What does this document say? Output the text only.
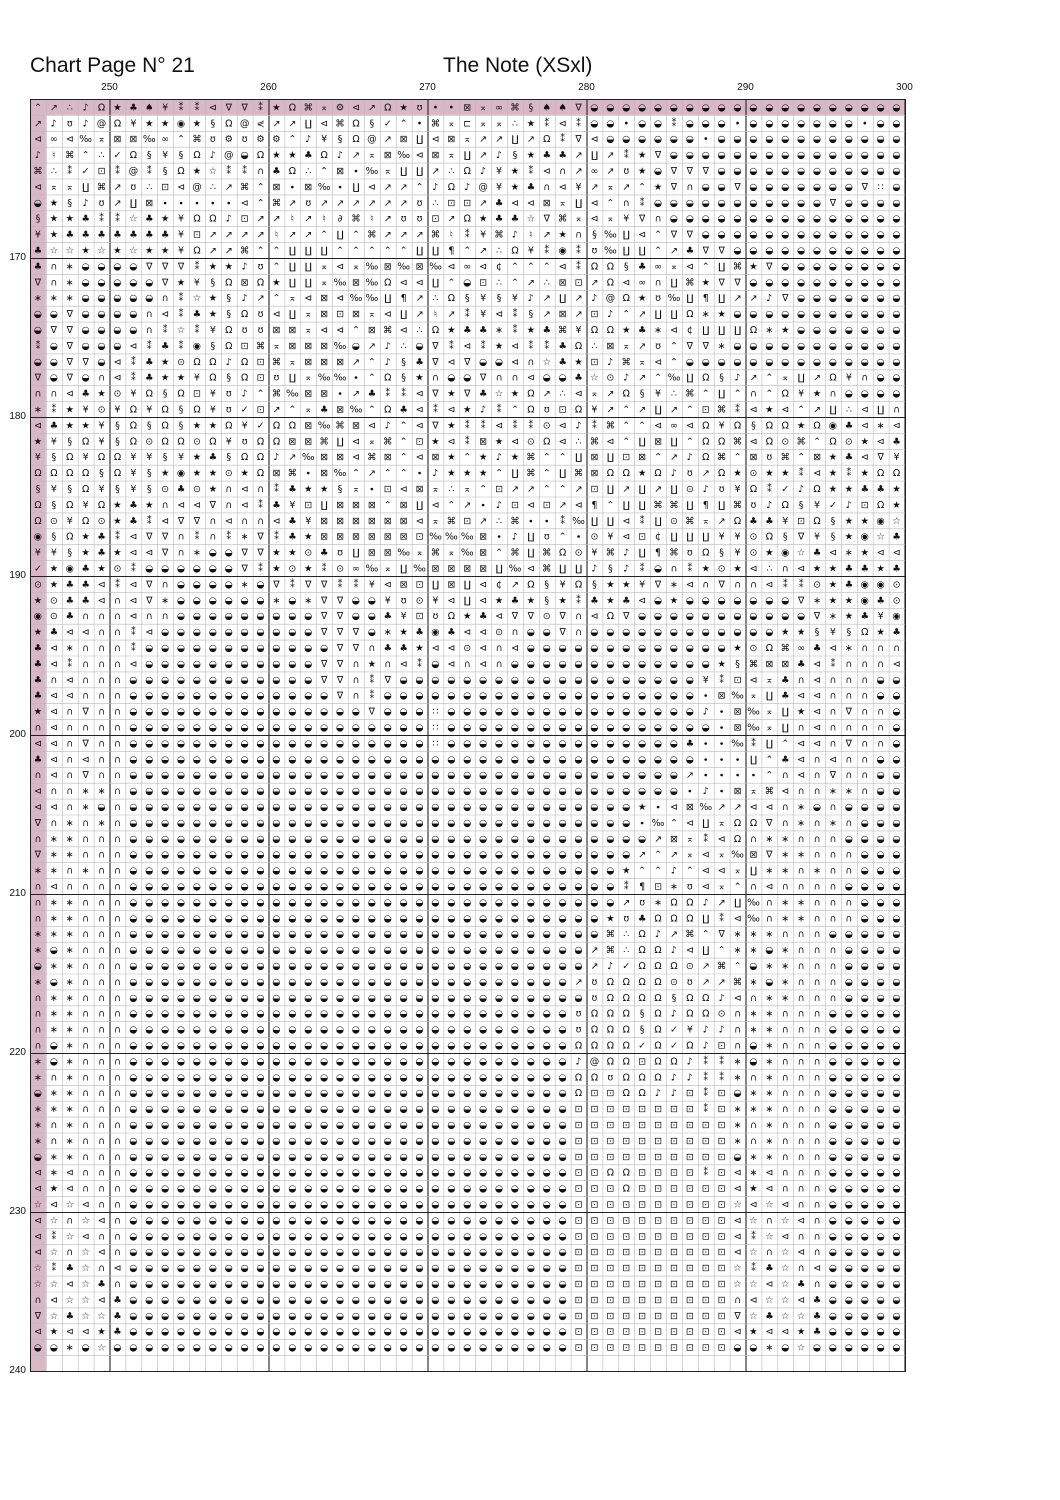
Chart Page N° 21	The Note (XSxl)
250	260	270	280	290	300
170
180
190
200
210
220
230
240
⌃ ↗ ∴ ♪ Ω ★ ♣ ♠ ¥ ⁑ ⁑ ⊲ ∇ ∇ ⁑ ★ Ω ⌘ ⌅ ⚙ ⊲ ↗ Ω ★ ʊ • • ⊠ ⌅ ∞ ⌘ § ♠ ♠ ∇ ◒ ◒ ◒ ◒ ◒ ◒ ◒ ◒ ◒ ◒ ◒ ◒ ◒ ◒ ◒ ◒ ◒ ◒ ◒ ◒
↗ ♪ ʊ ♪ @ Ω ¥ ★ ★ ◉ ★ § Ω @ ⋞ ↗ ↗ ∐ ⊲ ⌘ Ω § ✓ ⌃ • ⌘ ⌅ ⊏ ⌅ ⌅ ∴ ★ ⁑ ⊲ ⁑ ◒ ◒ • ◒ ◒ ⁑ ◒ ◒ ◒ • ◒ ◒ ◒ ◒ ◒ ◒ ◒ • ◒ ◒
⊲ ∞ ⊲ ‰ ⌅ ⊠ ⊠ ‰ ∞ ⌃ ⌘ ʊ ⚙ ʊ ⚙ ⚙ ⌃ ♪ ¥ § Ω @ ↗ ⊠ ∐ ⊲ ⊠ ⌅ ↗ ↗ ∐ ↗ Ω ⁑ ∇ ⊲ ◒ ◒ ◒ ◒ ◒ ◒ • ◒ ◒ ◒ ◒ ◒ ◒ ◒ ◒ ◒ ◒ ◒ ◒
♪ ♮ ⌘ ⌃ ∴ ✓ Ω § ¥ § Ω ♪ @ ◒ Ω ★ ★ ♣ Ω ♪ ↗ ⌅ ⊠ ‰ ⊲ ⊠ ⌅ ∐ ↗ ♪ § ★ ♣ ♣ ↗ ∐ ↗ ⁑ ★ ∇ ◒ ◒ ◒ ◒ ◒ ◒ ◒ ◒ ◒ ◒ ◒ ◒ ◒ ◒ ◒
⌘ ∴ ⁑ ✓ ⊡ ⁑ @ ⁑ § Ω ★ ☆ ⁑ ⁑ ∩ ♣ Ω ∴ ⌃ ⊠ ∙ ‰ ⌅ ∐ ∐ ↗ ∴ Ω ♪ ¥ ★ ⁑ ⊲ ∩ ↗ ∞ ↗ ʊ ★ ◒ ∇ ∇ ∇ ◒ ◒ ◒ ◒ ◒ ◒ ◒ ◒ ◒ ◒ ◒ ◒
⊲ ⌅ ⌅ ∐ ⌘ ↗ ʊ ∴ ⊡ ⊲ @ ∴ ↗ ⌘ ⌃ ⊠ ∙ ⊠ ‰ ∙ ∐ ⊲ ↗ ↗ ⌃ ♪ Ω ♪ @ ¥ ★ ♣ ∩ ⊲ ¥ ↗ ⌅ ↗ ⌃ ★ ∇ ∩ ◒ ◒ ∇ ◒ ◒ ◒ ◒ ◒ ◒ ◒ ∇ ∷ ◒
◒ ★ § ♪ ʊ ↗ ∐ ⊠ ∙ ∙ ∙ ∙ ∙ ⊲ ⌃ ⌘ ↗ ʊ ↗ ↗ ↗ ↗ ↗ ↗ ʊ ∴ ⊡ ⊡ ↗ ♣ ⊲ ⊲ ⊠ ⌅ ∐ ⊲ ⌃ ∩ ⁑ ◒ ◒ ◒ ◒ ◒ ◒ ◒ ◒ ◒ ◒ ◒ ∇ ◒ ◒ ◒ ◒
§ ★ ★ ♣ ⁑ ⁑ ☆ ♣ ★ ¥ Ω Ω ♪ ⊡ ↗ ↗ ♮ ↗ ♮ ∂ ⌘ ♮ ↗ ʊ ʊ ⊡ ↗ Ω ★ ♣ ♣ ☆ ∇ ⌘ ⌅ ⊲ ⌅ ¥ ∇ ∩ ◒ ◒ ◒ ◒ ◒ ◒ ◒ ◒ ◒ ◒ ◒ ◒ ◒ ◒ ◒
¥ ★ ♣ ♣ ♣ ♣ ♣ ♣ ♣ ¥ ⊡ ↗ ↗ ↗ ↗ ♮ ↗ ↗ ⌃ ∐ ⌃ ⌘ ↗ ↗ ↗ ⌘ ♮ ⁑ ¥ ⌘ ♪ ♮ ↗ ★ ∩ § ‰ ∐ ⊲ ⌃ ∇ ∇ ◒ ◒ ◒ ◒ ◒ ◒ ◒ ◒ ◒ ◒ ◒ ◒ ◒
♣ ☆ ☆ ★ ☆ ★ ☆ ★ ★ ¥ Ω ↗ ↗ ⌘ ⌃ ⌃ ∐ ∐ ∐ ⌃ ⌃ ⌃ ⌃ ⌃ ∐ ∐ ¶ ⌃ ↗ ∴ Ω ¥ ⁑ ◉ ⁑ ʊ ‰ ∐ ∐ ⌃ ↗ ♣ ∇ ∇ ◒ ◒ ◒ ◒ ◒ ◒ ◒ ◒ ◒ ◒ ◒
♣ ∩ ∗ ◒ ◒ ◒ ◒ ∇ ∇ ∇ ⁑ ★ ★ ♪ ʊ ⌃ ∐ ∐ ⌅ ⊲ ⌅ ‰ ⊠ ‰ ⊠ ‰ ⊲ ∞ ⊲ ¢ ⌃ ⌃ ⌃ ⊲ ⁑ Ω Ω § ♣ ∞ ⌅ ⊲ ⌃ ∐ ⌘ ★ ∇ ◒ ◒ ◒ ◒ ◒ ◒ ◒ ◒
∇ ∩ ∗ ◒ ◒ ◒ ◒ ◒ ∇ ★ ¥ § Ω ⊠ Ω ★ ∐ ∐ ⌅ ‰ ⊠ ‰ Ω ⊲ ⊲ ∐ ⌃ ◒ ⊡ ∴ ⌃ ↗ ∴ ⊠ ⊡ ↗ Ω ⊲ ∞ ∩ ∐ ⌘ ★ ∇ ∇ ◒ ◒ ◒ ◒ ◒ ◒ ◒ ◒ ◒ ◒
∗ ∗ ∗ ◒ ◒ ◒ ◒ ◒ ∩ ⁑ ☆ ★ § ♪ ↗ ⌃ ⌅ ⊲ ⊠ ⊲ ‰ ‰ ∐ ¶ ↗ ∴ Ω § ¥ § ¥ ♪ ↗ ∐ ↗ ♪ @ Ω ★ ʊ ‰ ∐ ¶ ∐ ↗ ↗ ♪ ∇ ◒ ◒ ◒ ◒ ◒ ◒ ◒
◒ ◒ ∇ ◒ ◒ ◒ ◒ ∩ ⊲ ⁑ ♣ ★ § Ω ʊ ⊲ ∐ ⌅ ⊠ ⊡ ⊠ ⌅ ⊲ ∐ ↗ ♮ ↗ ⁑ ¥ ⊲ ⁑ § ↗ ⊠ ↗ ⊡ ♪ ⌃ ↗ ∐ ∐ Ω ∗ ★ ◒ ◒ ◒ ◒ ◒ ◒ ◒ ◒ ◒ ◒ ◒
◒ ∇ ∇ ◒ ◒ ◒ ◒ ∩ ⁑ ☆ ⁑ ¥ Ω ʊ ʊ ⊠ ⊠ ⌅ ⊲ ⊲ ⌃ ⊠ ⌘ ⊲ ∴ Ω ★ ♣ ♣ ∗ ⁑ ★ ♣ ⌘ ¥ Ω Ω ★ ♣ ∗ ⊲ ¢ ∐ ∐ ∐ Ω ∗ ★ ◒ ◒ ◒ ◒ ◒ ◒ ◒
⁑ ◒ ∇ ◒ ◒ ◒ ⊲ ⁑ ♣ ⁑ ◉ § Ω ⊡ ⌘ ⌅ ⊠ ⊠ ⊠ ‰ ◒ ↗ ♪ ∴ ◒ ∇ ⁑ ⊲ ⁑ ★ ⊲ ⁑ ⁑ ♣ Ω ∴ ⊠ ⌅ ↗ ʊ ⌃ ∇ ∇ ∗ ◒ ◒ ◒ ◒ ◒ ◒ ◒ ◒ ◒ ◒ ◒
◒ ◒ ∇ ∇ ◒ ⊲ ⁑ ♣ ★ ⊙ Ω Ω ♪ Ω ⊡ ⌘ ⌅ ⊠ ⊠ ⊠ ↗ ⌃ ♪ § ♣ ∇ ⊲ ∇ ◒ ◒ ⊲ ∩ ☆ ♣ ★ ⊡ ♪ ⌘ ⌅ ⊲ ⌃ ◒ ◒ ◒ ◒ ◒ ◒ ◒ ◒ ◒ ◒ ◒ ◒ ◒ ◒
∇ ◒ ∇ ◒ ∩ ⊲ ⁑ ♣ ★ ★ ¥ Ω § Ω ⊡ ʊ ∐ ⌅ ‰ ‰ ∙ ⌃ Ω § ★ ∩ ◒ ◒ ∇ ∩ ∩ ⊲ ◒ ◒ ♣ ☆ ⊙ ♪ ↗ ⌃ ‰ ∐ Ω § ♪ ↗ ⌃ ⌅ ∐ ↗ Ω ¥ ∩ ◒ ◒
∩ ∩ ⊲ ♣ ★ ⊙ ¥ Ω § Ω ⊡ ¥ ʊ ♪ ⌃ ⌘ ‰ ⊠ ⊠ ∙ ↗ ♣ ⁑ ⁑ ⊲ ∇ ★ ∇ ♣ ☆ ★ Ω ↗ ∴ ⊲ ⌅ ↗ Ω § ¥ ∴ ⌘ ⌃ ∐ ⌃ ∩ ⌃ Ω ¥ ★ ∩ ◒ ◒ ◒ ◒
∗ ⁑ ★ ¥ ⊙ ¥ Ω ¥ Ω § Ω ¥ ʊ ✓ ⊡ ↗ ⌃ ⌅ ♣ ⊠ ‰ ⌃ Ω ♣ ⊲ ⁑ ⊲ ★ ♪ ⁑ ⌃ Ω ʊ ⊡ Ω ¥ ↗ ⌃ ↗ ∐ ↗ ⌃ ⊡ ⌘ ⁑ ⊲ ★ ⊲ ⌃ ↗ ∐ ∴ ⊲ ∐ ∩
⊲ ♣ ★ ★ ¥ § Ω § Ω § ★ ★ Ω ¥ ✓ Ω Ω ⊠ ‰ ⌘ ⊠ ⊲ ♪ ⌃ ⊲ ∇ ★ ⁑ ⁑ ⊲ ⁑ ⁑ ⊙ ⊲ ♪ ⁑ ⌘ ⌃ ⌃ ⊲ ∞ ⊲ Ω ¥ Ω § Ω Ω ★ Ω ◉ ♣ ⊲ ∗ ⊲
★ ¥ § Ω ¥ § Ω ⊙ Ω Ω ⊙ Ω ¥ ʊ Ω Ω ⊠ ⊠ ⌘ ∐ ⊲ ⌅ ⌘ ⌃ ⊡ ★ ⊲ ⁑ ⊠ ★ ⊲ ⊙ Ω ⊲ ∴ ⌘ ⊲ ⌃ ∐ ⊠ ∐ ⌃ Ω Ω ⌘ ⊲ Ω ⊙ ⌘ ⌃ Ω ⊙ ★ ⊲ ♣
¥ § Ω ¥ Ω Ω ¥ ¥ § ¥ ★ ♣ § Ω Ω ♪ ↗ ‰ ⊠ ⊠ ⊲ ⌘ ⊠ ⌃ ⊲ ⊠ ★ ⌃ ★ ♪ ★ ⌘ ⌃ ⌃ ∐ ⊠ ∐ ⊡ ⊠ ⌃ ↗ ♪ Ω ⌘ ⌃ ⊠ ʊ ⌘ ⌃ ⊠ ★ ♣ ⊲ ∇ ¥
Ω Ω Ω Ω § Ω ¥ § ★ ◉ ★ ★ ⊙ ★ Ω ⊠ ⌘ ∙ ⊠ ‰ ⌃ ↗ ⌃ ⌃ ∙ ♪ ★ ★ ★ ⌃ ∐ ⌘ ⌃ ∐ ⌘ ⊠ Ω Ω ★ Ω ♪ ʊ ↗ Ω ★ ⊙ ★ ★ ⁑ ⊲ ★ ⁑ ★ Ω Ω
§ ¥ § Ω ¥ § ¥ § ⊙ ♣ ⊙ ★ ∩ ⊲ ∩ ⁑ ♣ ★ ★ § ⌅ ∙ ⊡ ⊲ ⊠ ⌅ ∴ ⌅ ⌃ ⊡ ↗ ↗ ⌃ ⌃ ↗ ⊡ ∐ ↗ ∐ ↗ ∐ ⊙ ♪ ʊ ¥ Ω ⁑ ✓ ♪ Ω ★ ★ ♣ ♣ ★
Ω § Ω ¥ Ω ★ ♣ ★ ∩ ⊲ ⊲ ∇ ∩ ⊲ ⁑ ♣ ¥ ⊡ ∐ ⊠ ⊠ ⊠ ⌃ ⊠ ∐ ⊲ ⌃ ↗ ∙ ♪ ⊡ ⊲ ⊡ ↗ ⊲ ¶ ⌃ ∐ ∐ ⌘ ⌘ ∐ ¶ ∐ ⌘ ʊ ♪ Ω § ¥ ✓ ♪ ⊡ Ω ★
Ω ⊙ ¥ Ω ⊙ ★ ♣ ⁑ ⊲ ∇ ∇ ∩ ⊲ ∩ ∩ ⊲ ♣ ¥ ⊠ ⊠ ⊠ ⊠ ⊠ ⊠ ⊲ ⌅ ⌘ ⊡ ↗ ∴ ⌘ ∙ ∙ ⁑ ‰ ∐ ∐ ⊲ ⁑ ∐ ⊙ ⌘ ⌅ ↗ Ω ♣ ♣ ¥ ⊡ Ω § ★ ★ ◉ ☆
◉ § Ω ★ ♣ ⁑ ⊲ ∇ ∇ ∩ ⁑ ∩ ⁑ ∗ ∇ ⁑ ♣ ★ ⊠ ⊠ ⊠ ⊠ ⊠ ⊠ ⊡ ‰ ‰ ‰ ⊠ ∙ ♪ ∐ ʊ ⌃ ∙ ⊙ ¥ ⊲ ⊡ ¢ ∐ ∐ ∐ ¥ ¥ ⊙ Ω § ∇ ¥ § ★ ◉ ☆ ♣
¥ ¥ § ★ ♣ ★ ⊲ ⊲ ∇ ∩ ∗ ◒ ◒ ∇ ∇ ★ ★ ⊙ ♣ ʊ ∐ ⊠ ⊠ ‰ ⌅ ⌘ ⌅ ‰ ⊠ ⌃ ⌘ ∐ ⌘ Ω ⊙ ¥ ⌘ ♪ ∐ ¶ ⌘ ʊ Ω § ¥ ⊙ ★ ◉ ☆ ♣ ⊲ ∗ ★ ⊲ ⊲
✓ ★ ◉ ♣ ★ ⊙ ⁑ ◒ ◒ ◒ ◒ ◒ ◒ ∇ ⁑ ★ ⊙ ★ ⁑ ⊙ ∞ ‰ ⌅ ∐ ‰ ⊠ ⊠ ⊠ ⊠ ∐ ‰ ⊲ ⌘ ∐ ∐ ♪ § ♪ ⁑ ◒ ∩ ⁑ ★ ⊙ ★ ⊲ ∴ ∩ ⊲ ★ ★ ♣ ♣ ★ ♣
⊙ ★ ♣ ♣ ⊲ ⁑ ⊲ ∇ ∩ ◒ ◒ ◒ ◒ ∗ ◒ ∇ ⁑ ∇ ∇ ⁑ ⁑ ¥ ⊲ ⊠ ⊡ ∐ ⊠ ∐ ⊲ ¢ ↗ Ω § ¥ Ω § ★ ★ ¥ ∇ ∗ ⊲ ∩ ∇ ∩ ∩ ⊲ ⁑ ⁑ ⊙ ★ ♣ ◉ ◉ ⊙
★ ⊙ ♣ ♣ ⊲ ∩ ⊲ ∇ ∗ ◒ ◒ ◒ ◒ ◒ ◒ ∗ ◒ ∗ ∇ ∇ ◒ ◒ ¥ ʊ ⊙ ¥ ⊲ ∐ ⊲ ★ ♣ ★ § ★ ⁑ ♣ ★ ♣ ⊲ ◒ ★ ◒ ◒ ◒ ◒ ◒ ◒ ◒ ∇ ∗ ★ ★ ◉ ♣ ⊙
◉ ⊙ ♣ ∩ ∩ ∩ ⊲ ∩ ∩ ◒ ◒ ◒ ◒ ◒ ◒ ◒ ◒ ◒ ∇ ∇ ◒ ◒ ♣ ¥ ⊡ ʊ Ω ★ ♣ ⊲ ∇ ∇ ⊙ ∇ ∩ ⊲ Ω ∇ ◒ ◒ ◒ ◒ ◒ ◒ ◒ ◒ ◒ ◒ ◒ ∇ ∗ ★ ♣ ¥ ◉
★ ♣ ⊲ ⊲ ∩ ∩ ⁑ ⊲ ◒ ◒ ◒ ◒ ◒ ◒ ◒ ◒ ◒ ◒ ∇ ∇ ∇ ◒ ∗ ★ ♣ ◉ ♣ ⊲ ⊲ ⊙ ∩ ◒ ◒ ∇ ∩ ◒ ◒ ◒ ◒ ◒ ◒ ◒ ◒ ◒ ◒ ◒ ◒ ★ ★ § ¥ § Ω ★ ♣
♣ ⊲ ∗ ∩ ∩ ∩ ⁑ ◒ ◒ ◒ ◒ ◒ ◒ ◒ ◒ ◒ ◒ ◒ ◒ ∇ ∇ ∩ ♣ ♣ ★ ⊲ ⊲ ⊙ ⊲ ∩ ⊲ ◒ ◒ ◒ ◒ ◒ ◒ ◒ ◒ ◒ ◒ ◒ ◒ ◒ ★ ⊙ Ω ⌘ ∞ ♣ ⊲ ∗ ∩ ∩ ∩
♣ ⊲ ⁑ ∩ ∩ ∩ ⊲ ◒ ◒ ◒ ◒ ◒ ◒ ◒ ◒ ◒ ◒ ◒ ∇ ∇ ∩ ★ ∩ ⊲ ⁑ ◒ ⊲ ∩ ⊲ ∩ ◒ ◒ ◒ ◒ ◒ ◒ ◒ ◒ ◒ ◒ ◒ ◒ ◒ ★ § ⌘ ⊠ ⊠ ♣ ⊲ ⁑ ∩ ∩ ∩ ⊲
♣ ∩ ⊲ ∩ ∩ ∩ ◒ ◒ ◒ ◒ ◒ ◒ ◒ ◒ ◒ ◒ ◒ ◒ ∇ ∇ ∩ ⁑ ∇ ◒ ◒ ◒ ◒ ◒ ◒ ◒ ◒ ◒ ◒ ◒ ◒ ◒ ◒ ◒ ◒ ◒ ◒ ◒ ¥ ⁑ ⊡ ⊲ ⌅ ♣ ∩ ⊲ ∩ ∩ ∩ ◒ ◒
♣ ⊲ ⊲ ∩ ∩ ∩ ◒ ◒ ◒ ◒ ◒ ◒ ◒ ◒ ◒ ◒ ◒ ◒ ◒ ∇ ∩ ⁑ ◒ ◒ ◒ ◒ ◒ ◒ ◒ ◒ ◒ ◒ ◒ ◒ ◒ ◒ ◒ ◒ ◒ ◒ ◒ ◒ ∙ ⊠ ‰ ⌅ ∐ ♣ ⊲ ⊲ ∩ ∩ ∩ ◒ ◒
★ ⊲ ∩ ∇ ∩ ∩ ◒ ◒ ◒ ◒ ◒ ◒ ◒ ◒ ◒ ◒ ◒ ◒ ◒ ◒ ◒ ∇ ◒ ◒ ◒ ∷ ◒ ◒ ◒ ◒ ◒ ◒ ◒ ◒ ◒ ◒ ◒ ◒ ◒ ◒ ◒ ◒ ♪ ∙ ⊠ ‰ ⌅ ∐ ★ ⊲ ∩ ∇ ∩ ∩ ◒
∩ ⊲ ∩ ∩ ∩ ∩ ◒ ◒ ◒ ◒ ◒ ◒ ◒ ◒ ◒ ◒ ◒ ◒ ◒ ◒ ◒ ◒ ◒ ◒ ◒ ∷ ◒ ◒ ◒ ◒ ◒ ◒ ◒ ◒ ◒ ◒ ◒ ◒ ◒ ◒ ◒ ◒ ◒ ∙ ⊠ ‰ ⌅ ∐ ∩ ⊲ ∩ ∩ ∩ ∩ ◒
⊲ ⊲ ∩ ∇ ∩ ∩ ◒ ◒ ◒ ◒ ◒ ◒ ◒ ◒ ◒ ◒ ◒ ◒ ◒ ◒ ◒ ◒ ◒ ◒ ◒ ∷ ◒ ◒ ◒ ◒ ◒ ◒ ◒ ◒ ◒ ◒ ◒ ◒ ◒ ◒ ◒ ♣ ∙ ∙ ‰ ⁑ ∐ ⌃ ⊲ ⊲ ∩ ∇ ∩ ∩ ◒
♣ ⊲ ∩ ⊲ ∩ ∩ ◒ ◒ ◒ ◒ ◒ ◒ ◒ ◒ ◒ ◒ ◒ ◒ ◒ ◒ ◒ ◒ ◒ ◒ ◒ ◒ ◒ ◒ ◒ ◒ ◒ ◒ ◒ ◒ ◒ ◒ ◒ ◒ ◒ ◒ ◒ ◒ ∙ ∙ ∙ ∐ ⌃ ♣ ⊲ ∩ ⊲ ∩ ∩ ◒ ◒
∩ ⊲ ∩ ∇ ∩ ∩ ◒ ◒ ◒ ◒ ◒ ◒ ◒ ◒ ◒ ◒ ◒ ◒ ◒ ◒ ◒ ◒ ◒ ◒ ◒ ◒ ◒ ◒ ◒ ◒ ◒ ◒ ◒ ◒ ◒ ◒ ◒ ◒ ◒ ◒ ◒ ↗ ∙ ∙ ∙ ∙ ⌃ ∩ ⊲ ∩ ∇ ∩ ∩ ◒ ◒
⊲ ∩ ∩ ∗ ∗ ∩ ◒ ◒ ◒ ◒ ◒ ◒ ◒ ◒ ◒ ◒ ◒ ◒ ◒ ◒ ◒ ◒ ◒ ◒ ◒ ◒ ◒ ◒ ◒ ◒ ◒ ◒ ◒ ◒ ◒ ◒ ◒ ◒ ◒ ◒ ◒ ∙ ♪ ∙ ⊠ ⌅ ⌘ ⊲ ∩ ∩ ∗ ∗ ∩ ◒ ◒
⊲ ⊲ ∩ ∗ ◒ ∩ ◒ ◒ ◒ ◒ ◒ ◒ ◒ ◒ ◒ ◒ ◒ ◒ ◒ ◒ ◒ ◒ ◒ ◒ ◒ ◒ ◒ ◒ ◒ ◒ ◒ ◒ ◒ ◒ ◒ ◒ ◒ ◒ ★ ∙ ⊲ ⊠ ‰ ↗ ↗ ⊲ ⊲ ∩ ∗ ◒ ∩ ◒ ◒ ◒ ◒
∇ ∩ ∗ ∩ ∗ ∩ ◒ ◒ ◒ ◒ ◒ ◒ ◒ ◒ ◒ ◒ ◒ ◒ ◒ ◒ ◒ ◒ ◒ ◒ ◒ ◒ ◒ ◒ ◒ ◒ ◒ ◒ ◒ ◒ ◒ ◒ ◒ ◒ ∙ ‰ ⌃ ⊲ ∐ ⌅ Ω Ω ∇ ∩ ∗ ∩ ∗ ∩ ◒ ◒ ◒
∩ ∗ ∗ ∩ ∩ ∩ ◒ ◒ ◒ ◒ ◒ ◒ ◒ ◒ ◒ ◒ ◒ ◒ ◒ ◒ ◒ ◒ ◒ ◒ ◒ ◒ ◒ ◒ ◒ ◒ ◒ ◒ ◒ ◒ ◒ ◒ ◒ ◒ ◒ ↗ ⊠ ⌅ ⁑ ⊲ Ω ∩ ∗ ∗ ∩ ∩ ∩ ◒ ◒ ◒ ◒
∇ ∗ ∗ ∩ ∩ ∩ ◒ ◒ ◒ ◒ ◒ ◒ ◒ ◒ ◒ ◒ ◒ ◒ ◒ ◒ ◒ ◒ ◒ ◒ ◒ ◒ ◒ ◒ ◒ ◒ ◒ ◒ ◒ ◒ ◒ ◒ ◒ ◒ ↗ ⌃ ↗ ⌅ ⊲ ⌅ ‰ ⊠ ∇ ∗ ∗ ∩ ∩ ∩ ◒ ◒ ◒
∗ ∗ ∩ ∗ ∩ ∩ ◒ ◒ ◒ ◒ ◒ ◒ ◒ ◒ ◒ ◒ ◒ ◒ ◒ ◒ ◒ ◒ ◒ ◒ ◒ ◒ ◒ ◒ ◒ ◒ ◒ ◒ ◒ ◒ ◒ ◒ ◒ ★ ⌃ ⌃ ♪ ⌃ ⊲ ⊲ ⌅ ∐ ∗ ∗ ∩ ∗ ∩ ∩ ◒ ◒ ◒
∩ ⊲ ∩ ∩ ∩ ∩ ◒ ◒ ◒ ◒ ◒ ◒ ◒ ◒ ◒ ◒ ◒ ◒ ◒ ◒ ◒ ◒ ◒ ◒ ◒ ◒ ◒ ◒ ◒ ◒ ◒ ◒ ◒ ◒ ◒ ◒ ◒ ⁑ ¶ ⊡ ∗ ʊ ⊲ ⌅ ⌃ ∩ ⊲ ∩ ∩ ∩ ∩ ◒ ◒ ◒ ◒
∩ ∗ ∗ ∩ ∩ ∩ ◒ ◒ ◒ ◒ ◒ ◒ ◒ ◒ ◒ ◒ ◒ ◒ ◒ ◒ ◒ ◒ ◒ ◒ ◒ ◒ ◒ ◒ ◒ ◒ ◒ ◒ ◒ ◒ ◒ ◒ ◒ ↗ ʊ ∗ Ω Ω ♪ ↗ ∐ ‰ ∩ ∗ ∗ ∩ ∩ ∩ ◒ ◒ ◒
∩ ∗ ∗ ∩ ∩ ∩ ◒ ◒ ◒ ◒ ◒ ◒ ◒ ◒ ◒ ◒ ◒ ◒ ◒ ◒ ◒ ◒ ◒ ◒ ◒ ◒ ◒ ◒ ◒ ◒ ◒ ◒ ◒ ◒ ◒ ◒ ★ ʊ ♣ Ω Ω Ω ∐ ⁑ ⊲ ‰ ∩ ∗ ∗ ∩ ∩ ∩ ◒ ◒ ◒
∗ ∗ ∗ ∩ ∩ ∩ ◒ ◒ ◒ ◒ ◒ ◒ ◒ ◒ ◒ ◒ ◒ ◒ ◒ ◒ ◒ ◒ ◒ ◒ ◒ ◒ ◒ ◒ ◒ ◒ ◒ ◒ ◒ ◒ ◒ ◒ ⌘ ∴ Ω ♪ ↗ ⌘ ⌃ ∇ ∗ ∗ ∗ ∩ ∩ ∩ ◒ ◒ ◒ ◒ ◒
∗ ◒ ∗ ∩ ∩ ∩ ◒ ◒ ◒ ◒ ◒ ◒ ◒ ◒ ◒ ◒ ◒ ◒ ◒ ◒ ◒ ◒ ◒ ◒ ◒ ◒ ◒ ◒ ◒ ◒ ◒ ◒ ◒ ◒ ◒ ↗ ⌘ ∴ Ω Ω ♪ ⊲ ∐ ⌃ ∗ ∗ ◒ ∗ ∩ ∩ ∩ ◒ ◒ ◒ ◒
◒ ∗ ∗ ∩ ∩ ∩ ◒ ◒ ◒ ◒ ◒ ◒ ◒ ◒ ◒ ◒ ◒ ◒ ◒ ◒ ◒ ◒ ◒ ◒ ◒ ◒ ◒ ◒ ◒ ◒ ◒ ◒ ◒ ◒ ◒ ↗ ♪ ✓ Ω Ω Ω ⊙ ↗ ⌘ ⌃ ◒ ∗ ∗ ∩ ∩ ∩ ◒ ◒ ◒ ◒
∗ ◒ ∗ ∩ ∩ ∩ ◒ ◒ ◒ ◒ ◒ ◒ ◒ ◒ ◒ ◒ ◒ ◒ ◒ ◒ ◒ ◒ ◒ ◒ ◒ ◒ ◒ ◒ ◒ ◒ ◒ ◒ ◒ ◒ ↗ ʊ Ω Ω Ω Ω ⊙ ʊ ↗ ↗ ⌘ ∗ ◒ ∗ ∩ ∩ ∩ ◒ ◒ ◒ ◒
∩ ∗ ∗ ∩ ∩ ∩ ◒ ◒ ◒ ◒ ◒ ◒ ◒ ◒ ◒ ◒ ◒ ◒ ◒ ◒ ◒ ◒ ◒ ◒ ◒ ◒ ◒ ◒ ◒ ◒ ◒ ◒ ◒ ◒ ◒ ʊ Ω Ω Ω Ω § Ω Ω ♪ ⊲ ∩ ∗ ∗ ∩ ∩ ∩ ◒ ◒ ◒ ◒
∩ ∗ ∗ ∩ ∩ ∩ ◒ ◒ ◒ ◒ ◒ ◒ ◒ ◒ ◒ ◒ ◒ ◒ ◒ ◒ ◒ ◒ ◒ ◒ ◒ ◒ ◒ ◒ ◒ ◒ ◒ ◒ ◒ ◒ ʊ Ω Ω Ω § Ω ♪ Ω Ω ⊙ ∩ ∗ ∗ ∩ ∩ ∩ ◒ ◒ ◒ ◒ ◒
∩ ∗ ∗ ∩ ∩ ∩ ◒ ◒ ◒ ◒ ◒ ◒ ◒ ◒ ◒ ◒ ◒ ◒ ◒ ◒ ◒ ◒ ◒ ◒ ◒ ◒ ◒ ◒ ◒ ◒ ◒ ◒ ◒ ◒ ʊ Ω Ω Ω § Ω ✓ ¥ ♪ ♪ ∩ ∗ ∗ ∩ ∩ ∩ ◒ ◒ ◒ ◒ ◒
∩ ◒ ∗ ∩ ∩ ∩ ◒ ◒ ◒ ◒ ◒ ◒ ◒ ◒ ◒ ◒ ◒ ◒ ◒ ◒ ◒ ◒ ◒ ◒ ◒ ◒ ◒ ◒ ◒ ◒ ◒ ◒ ◒ ◒ Ω Ω Ω Ω ✓ Ω ✓ Ω ♪ ⊡ ∩ ◒ ∗ ∩ ∩ ∩ ◒ ◒ ◒ ◒ ◒
∗ ◒ ∗ ∩ ∩ ∩ ◒ ◒ ◒ ◒ ◒ ◒ ◒ ◒ ◒ ◒ ◒ ◒ ◒ ◒ ◒ ◒ ◒ ◒ ◒ ◒ ◒ ◒ ◒ ◒ ◒ ◒ ◒ ◒ ♪ @ Ω Ω ⊡ Ω Ω ♪ ⁑ ⁑ ∗ ◒ ∗ ∩ ∩ ∩ ◒ ◒ ◒ ◒ ◒
∗ ∩ ∗ ∩ ∩ ∩ ◒ ◒ ◒ ◒ ◒ ◒ ◒ ◒ ◒ ◒ ◒ ◒ ◒ ◒ ◒ ◒ ◒ ◒ ◒ ◒ ◒ ◒ ◒ ◒ ◒ ◒ ◒ ◒ Ω Ω ʊ Ω Ω Ω ♪ ♪ ⁑ ⁑ ∗ ∩ ∗ ∩ ∩ ∩ ◒ ◒ ◒ ◒ ◒
◒ ∗ ∗ ∩ ∩ ∩ ◒ ◒ ◒ ◒ ◒ ◒ ◒ ◒ ◒ ◒ ◒ ◒ ◒ ◒ ◒ ◒ ◒ ◒ ◒ ◒ ◒ ◒ ◒ ◒ ◒ ◒ ◒ ◒ Ω ⊡ ⊡ Ω Ω ♪ ♪ ⊡ ⁑ ⊡ ◒ ∗ ∗ ∩ ∩ ∩ ◒ ◒ ◒ ◒ ◒
∗ ∗ ∗ ∩ ∩ ∩ ◒ ◒ ◒ ◒ ◒ ◒ ◒ ◒ ◒ ◒ ◒ ◒ ◒ ◒ ◒ ◒ ◒ ◒ ◒ ◒ ◒ ◒ ◒ ◒ ◒ ◒ ◒ ◒ ⊡ ⊡ ⊡ ⊡ ⊡ ⊡ ⊡ ⊡ ⁑ ⊡ ∗ ∗ ∗ ∩ ∩ ∩ ◒ ◒ ◒ ◒ ◒
∗ ∩ ∗ ∩ ∩ ∩ ◒ ◒ ◒ ◒ ◒ ◒ ◒ ◒ ◒ ◒ ◒ ◒ ◒ ◒ ◒ ◒ ◒ ◒ ◒ ◒ ◒ ◒ ◒ ◒ ◒ ◒ ◒ ◒ ⊡ ⊡ ⊡ ⊡ ⊡ ⊡ ⊡ ⊡ ⊡ ⊡ ∗ ∩ ∗ ∩ ∩ ∩ ◒ ◒ ◒ ◒ ◒
∗ ∩ ∗ ∩ ∩ ∩ ◒ ◒ ◒ ◒ ◒ ◒ ◒ ◒ ◒ ◒ ◒ ◒ ◒ ◒ ◒ ◒ ◒ ◒ ◒ ◒ ◒ ◒ ◒ ◒ ◒ ◒ ◒ ◒ ⊡ ⊡ ⊡ ⊡ ⊡ ⊡ ⊡ ⊡ ⊡ ⊡ ∗ ∩ ∗ ∩ ∩ ∩ ◒ ◒ ◒ ◒ ◒
◒ ∗ ∗ ∩ ∩ ∩ ◒ ◒ ◒ ◒ ◒ ◒ ◒ ◒ ◒ ◒ ◒ ◒ ◒ ◒ ◒ ◒ ◒ ◒ ◒ ◒ ◒ ◒ ◒ ◒ ◒ ◒ ◒ ◒ ⊡ ⊡ ⊡ ⊡ ⊡ ⊡ ⊡ ⊡ ⊡ ⊡ ◒ ∗ ∗ ∩ ∩ ∩ ◒ ◒ ◒ ◒ ◒
⊲ ∗ ⊲ ∩ ∩ ∩ ◒ ◒ ◒ ◒ ◒ ◒ ◒ ◒ ◒ ◒ ◒ ◒ ◒ ◒ ◒ ◒ ◒ ◒ ◒ ◒ ◒ ◒ ◒ ◒ ◒ ◒ ◒ ◒ ⊡ ⊡ Ω Ω ⊡ ⊡ ⊡ ⊡ ⁑ ⊡ ⊲ ∗ ⊲ ∩ ∩ ∩ ◒ ◒ ◒ ◒ ◒
⊲ ★ ⊲ ∩ ∩ ∩ ◒ ◒ ◒ ◒ ◒ ◒ ◒ ◒ ◒ ◒ ◒ ◒ ◒ ◒ ◒ ◒ ◒ ◒ ◒ ◒ ◒ ◒ ◒ ◒ ◒ ◒ ◒ ◒ ⊡ ⊡ ⊡ Ω ⊡ ⊡ ⊡ ⊡ ⊡ ⊡ ⊲ ★ ⊲ ∩ ∩ ∩ ◒ ◒ ◒ ◒ ◒
☆ ⊲ ☆ ⊲ ∩ ∩ ◒ ◒ ◒ ◒ ◒ ◒ ◒ ◒ ◒ ◒ ◒ ◒ ◒ ◒ ◒ ◒ ◒ ◒ ◒ ◒ ◒ ◒ ◒ ◒ ◒ ◒ ◒ ◒ ⊡ ⊡ ⊡ ⊡ ⊡ ⊡ ⊡ ⊡ ⊡ ⊡ ☆ ⊲ ☆ ⊲ ∩ ∩ ◒ ◒ ◒ ◒ ◒
⊲ ☆ ∩ ☆ ⊲ ∩ ◒ ◒ ◒ ◒ ◒ ◒ ◒ ◒ ◒ ◒ ◒ ◒ ◒ ◒ ◒ ◒ ◒ ◒ ◒ ◒ ◒ ◒ ◒ ◒ ◒ ◒ ◒ ◒ ⊡ ⊡ ⊡ ⊡ ⊡ ⊡ ⊡ ⊡ ⊡ ⊡ ⊲ ☆ ∩ ☆ ⊲ ∩ ◒ ◒ ◒ ◒ ◒
⊲ ⁑ ☆ ⊲ ∩ ∩ ◒ ◒ ◒ ◒ ◒ ◒ ◒ ◒ ◒ ◒ ◒ ◒ ◒ ◒ ◒ ◒ ◒ ◒ ◒ ◒ ◒ ◒ ◒ ◒ ◒ ◒ ◒ ◒ ⊡ ⊡ ⊡ ⊡ ⊡ ⊡ ⊡ ⊡ ⊡ ⊡ ⊲ ⁑ ☆ ⊲ ∩ ∩ ◒ ◒ ◒ ◒ ◒
⊲ ☆ ∩ ☆ ⊲ ∩ ◒ ◒ ◒ ◒ ◒ ◒ ◒ ◒ ◒ ◒ ◒ ◒ ◒ ◒ ◒ ◒ ◒ ◒ ◒ ◒ ◒ ◒ ◒ ◒ ◒ ◒ ◒ ◒ ⊡ ⊡ ⊡ ⊡ ⊡ ⊡ ⊡ ⊡ ⊡ ⊡ ⊲ ☆ ∩ ☆ ⊲ ∩ ◒ ◒ ◒ ◒ ◒
☆ ⁑ ♣ ☆ ∩ ⊲ ◒ ◒ ◒ ◒ ◒ ◒ ◒ ◒ ◒ ◒ ◒ ◒ ◒ ◒ ◒ ◒ ◒ ◒ ◒ ◒ ◒ ◒ ◒ ◒ ◒ ◒ ◒ ◒ ⊡ ⊡ ⊡ ⊡ ⊡ ⊡ ⊡ ⊡ ⊡ ⊡ ☆ ⁑ ♣ ☆ ∩ ⊲ ◒ ◒ ◒ ◒ ◒
☆ ☆ ⊲ ☆ ♣ ∩ ◒ ◒ ◒ ◒ ◒ ◒ ◒ ◒ ◒ ◒ ◒ ◒ ◒ ◒ ◒ ◒ ◒ ◒ ◒ ◒ ◒ ◒ ◒ ◒ ◒ ◒ ◒ ◒ ⊡ ⊡ ⊡ ⊡ ⊡ ⊡ ⊡ ⊡ ⊡ ⊡ ☆ ☆ ⊲ ☆ ♣ ∩ ◒ ◒ ◒ ◒ ◒
∩ ⊲ ☆ ☆ ⊲ ♣ ◒ ◒ ◒ ◒ ◒ ◒ ◒ ◒ ◒ ◒ ◒ ◒ ◒ ◒ ◒ ◒ ◒ ◒ ◒ ◒ ◒ ◒ ◒ ◒ ◒ ◒ ◒ ◒ ⊡ ⊡ ⊡ ⊡ ⊡ ⊡ ⊡ ⊡ ⊡ ⊡ ∩ ⊲ ☆ ☆ ⊲ ♣ ◒ ◒ ◒ ◒ ◒
∇ ☆ ♣ ☆ ☆ ♣ ◒ ◒ ◒ ◒ ◒ ◒ ◒ ◒ ◒ ◒ ◒ ◒ ◒ ◒ ◒ ◒ ◒ ◒ ◒ ◒ ◒ ◒ ◒ ◒ ◒ ◒ ◒ ◒ ⊡ ⊡ ⊡ ⊡ ⊡ ⊡ ⊡ ⊡ ⊡ ⊡ ∇ ☆ ♣ ☆ ☆ ♣ ◒ ◒ ◒ ◒ ◒
⊲ ★ ⊲ ⊲ ★ ♣ ◒ ◒ ◒ ◒ ◒ ◒ ◒ ◒ ◒ ◒ ◒ ◒ ◒ ◒ ◒ ◒ ◒ ◒ ◒ ◒ ◒ ◒ ◒ ◒ ◒ ◒ ◒ ◒ ⊡ ⊡ ⊡ ⊡ ⊡ ⊡ ⊡ ⊡ ⊡ ⊡ ⊲ ★ ⊲ ⊲ ★ ♣ ◒ ◒ ◒ ◒ ◒
◒ ◒ ∗ ◒ ☆ ◒ ◒ ◒ ◒ ◒ ◒ ◒ ◒ ◒ ◒ ◒ ◒ ◒ ◒ ◒ ◒ ◒ ◒ ◒ ◒ ◒ ◒ ◒ ◒ ◒ ◒ ◒ ◒ ◒ ⊡ ⊡ ⊡ ⊡ ⊡ ⊡ ⊡ ⊡ ⊡ ⊡ ◒ ◒ ∗ ◒ ☆ ◒ ◒ ◒ ◒ ◒ ◒
